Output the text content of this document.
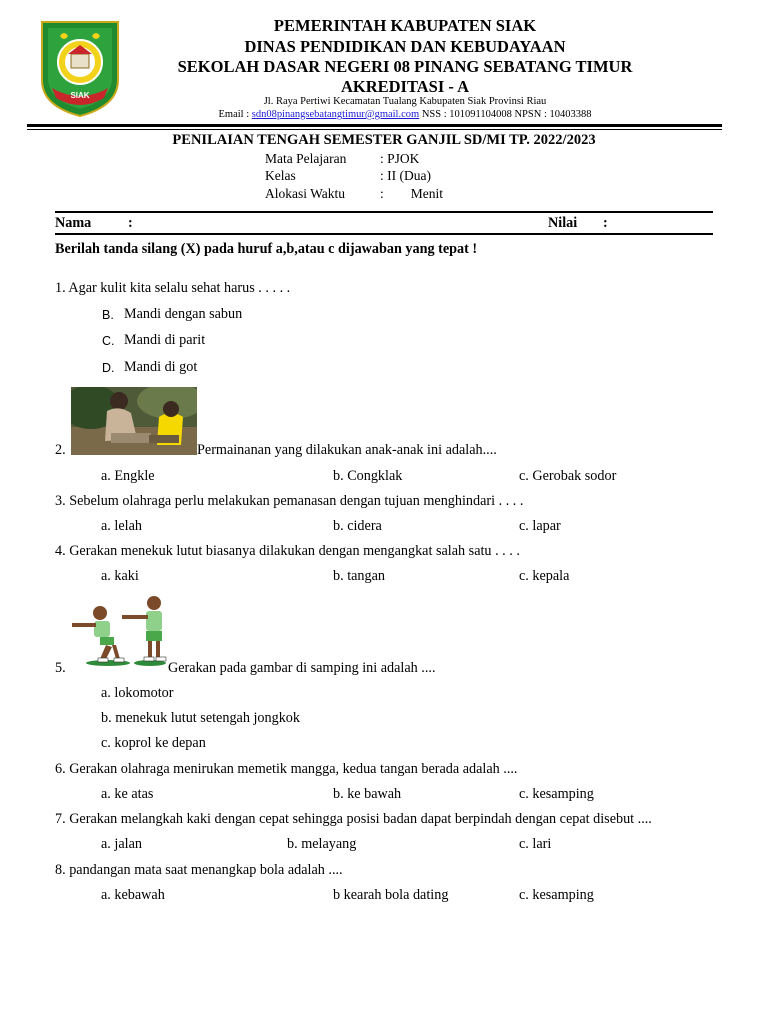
SIAK
PEMERINTAH KABUPATEN SIAK
DINAS PENDIDIKAN DAN KEBUDAYAAN
SEKOLAH DASAR NEGERI 08 PINANG SEBATANG TIMUR
AKREDITASI - A
Jl. Raya Pertiwi Kecamatan Tualang Kabupaten Siak Provinsi Riau
Email : sdn08pinangsebatangtimur@gmail.com NSS : 101091104008 NPSN : 10403388
PENILAIAN TENGAH SEMESTER GANJIL SD/MI TP. 2022/2023
Mata Pelajaran : PJOK
Kelas	: II (Dua)
Alokasi Waktu	:        Menit
Nama	:	Nilai :
Berilah tanda silang (X) pada huruf a,b,atau c dijawaban yang tepat !
1. Agar kulit kita selalu sehat harus . . . . .
B. Mandi dengan sabun
C. Mandi di parit
D. Mandi di got
2.	Permainanan yang dilakukan anak-anak ini adalah....
a. Engkle	b. Congklak	c. Gerobak sodor
3. Sebelum olahraga perlu melakukan pemanasan dengan tujuan menghindari . . . .
a. lelah	b. cidera	c. lapar
4. Gerakan menekuk lutut biasanya dilakukan dengan mengangkat salah satu . . . .
a. kaki	b. tangan	c. kepala
5.	Gerakan pada gambar di samping ini adalah ....
a. lokomotor
b. menekuk lutut setengah jongkok
c. koprol ke depan
6. Gerakan olahraga menirukan memetik mangga, kedua tangan berada adalah ....
a. ke atas	b. ke bawah	c. kesamping
7. Gerakan melangkah kaki dengan cepat sehingga posisi badan dapat berpindah dengan cepat disebut ....
a. jalan	b. melayang	c. lari
8. pandangan mata saat menangkap bola adalah ....
a. kebawah	b kearah bola dating	c. kesamping
